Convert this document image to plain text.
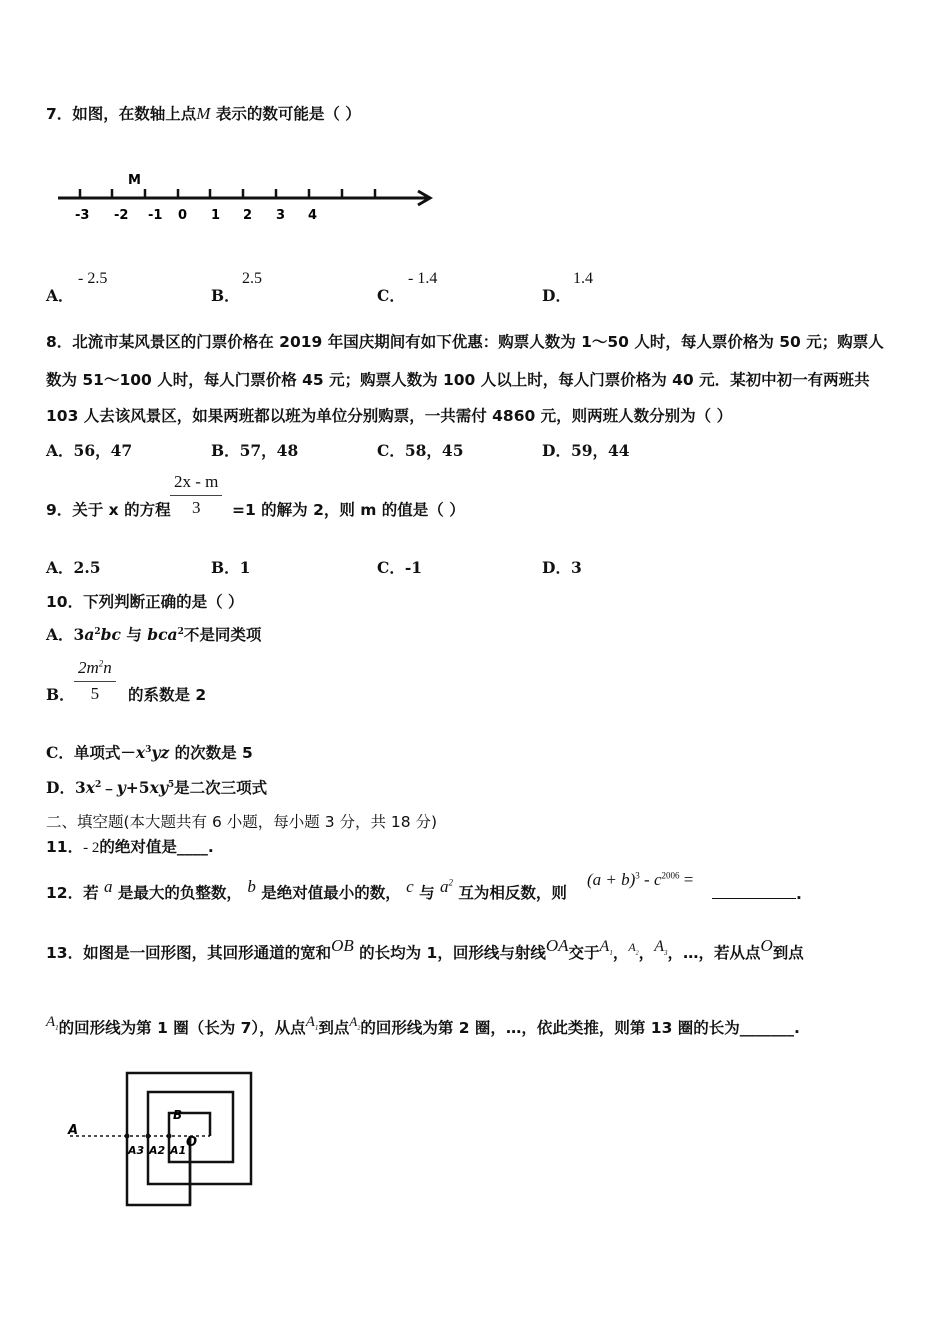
7．如图，在数轴上点M 表示的数可能是（ ）
-3 -2 -1 0 1 2 3 4
M
A．
- 2.5
B．
2.5
C．
- 1.4
D．
1.4
8．北流市某风景区的门票价格在 2019 年国庆期间有如下优惠：购票人数为 1～50 人时，每人票价格为 50 元；购票人
数为 51～100 人时，每人门票价格 45 元；购票人数为 100 人以上时，每人门票价格为 40 元．某初中初一有两班共
103 人去该风景区，如果两班都以班为单位分别购票，一共需付 4860 元，则两班人数分别为（ ）
A．56，47	B．57，48	C．58，45	D．59，44
9．关于 x 的方程 $\frac{2x - m}{3} =1$ 的解为 2，则 m 的值是（ ）
A．2.5	B．1	C．-1	D．3
10．下列判断正确的是（ ）
A．$3a^2bc$ 与 bca$^2$不是同类项
B． $\frac{2m^2n}{5}$ 的系数是 2
C．单项式$-x^3yz$ 的次数是 5
D．$3x^2﹣y+5xy^5$是二次三项式
二、填空题(本大题共有 6 小题，每小题 3 分，共 18 分)
11．- 2的绝对值是____.
12．若 a 是最大的负整数， b 是绝对值最小的数， c 与 $a^2$ 互为相反数，则
$(a + b)^3 - c^{2006}$ =
.
13．如图是一回形图，其回形通道的宽和OB 的长均为 1，回形线与射线OA交于$A_1$，$^{A_2}$，$A_3$，…，若从点O到点
$A_1$的回形线为第 1 圈（长为 7），从点$A_1$到点$^{A_2}$的回形线为第 2 圈，…，依此类推，则第 13 圈的长为_______.
A
B
O
A3 A2 A1
